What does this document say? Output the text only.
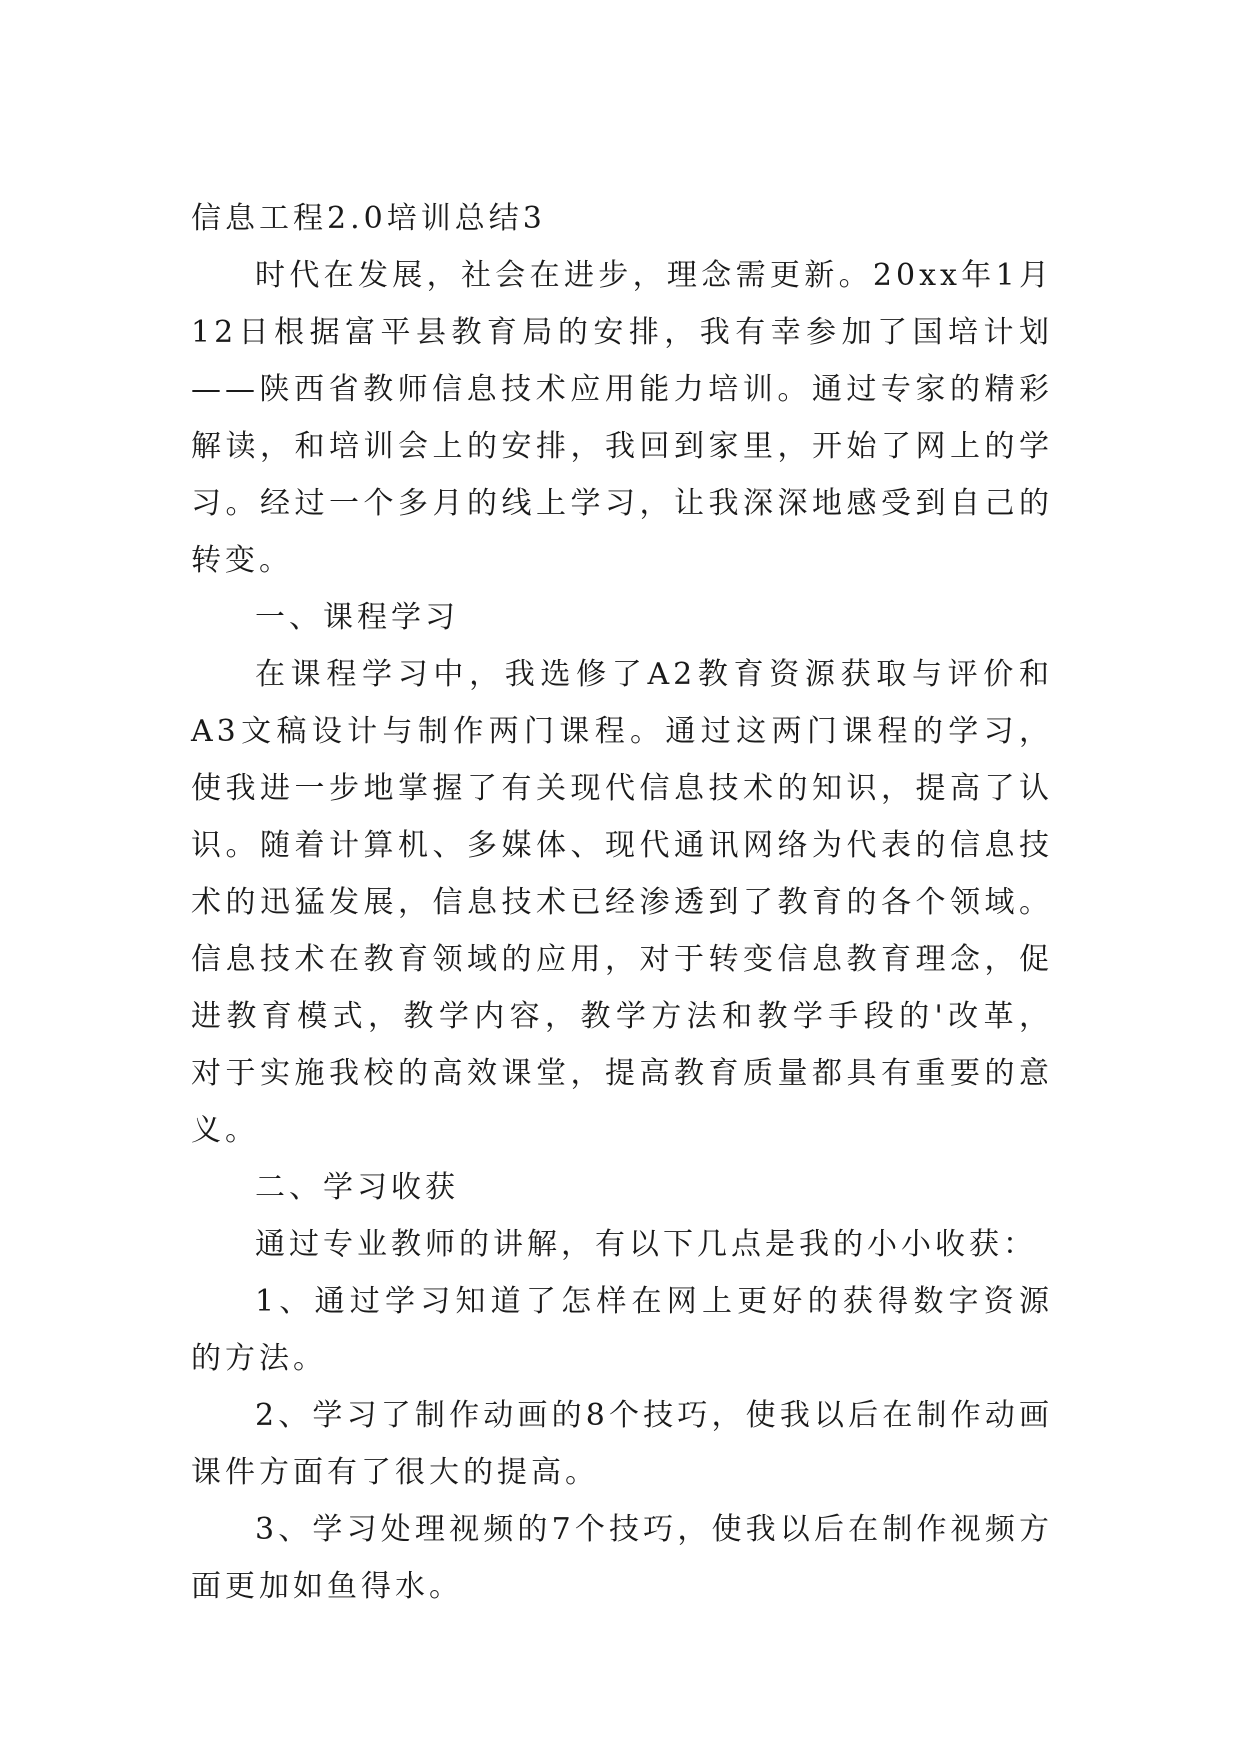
信息工程2.0培训总结3

时代在发展，社会在进步，理念需更新。20xx年1月12日根据富平县教育局的安排，我有幸参加了国培计划——陕西省教师信息技术应用能力培训。通过专家的精彩解读，和培训会上的安排，我回到家里，开始了网上的学习。经过一个多月的线上学习，让我深深地感受到自己的转变。

一、课程学习

在课程学习中，我选修了A2教育资源获取与评价和A3文稿设计与制作两门课程。通过这两门课程的学习，使我进一步地掌握了有关现代信息技术的知识，提高了认识。随着计算机、多媒体、现代通讯网络为代表的信息技术的迅猛发展，信息技术已经渗透到了教育的各个领域。信息技术在教育领域的应用，对于转变信息教育理念，促进教育模式，教学内容，教学方法和教学手段的'改革，对于实施我校的高效课堂，提高教育质量都具有重要的意义。

二、学习收获

通过专业教师的讲解，有以下几点是我的小小收获：

1、通过学习知道了怎样在网上更好的获得数字资源的方法。

2、学习了制作动画的8个技巧，使我以后在制作动画课件方面有了很大的提高。

3、学习处理视频的7个技巧，使我以后在制作视频方面更加如鱼得水。
